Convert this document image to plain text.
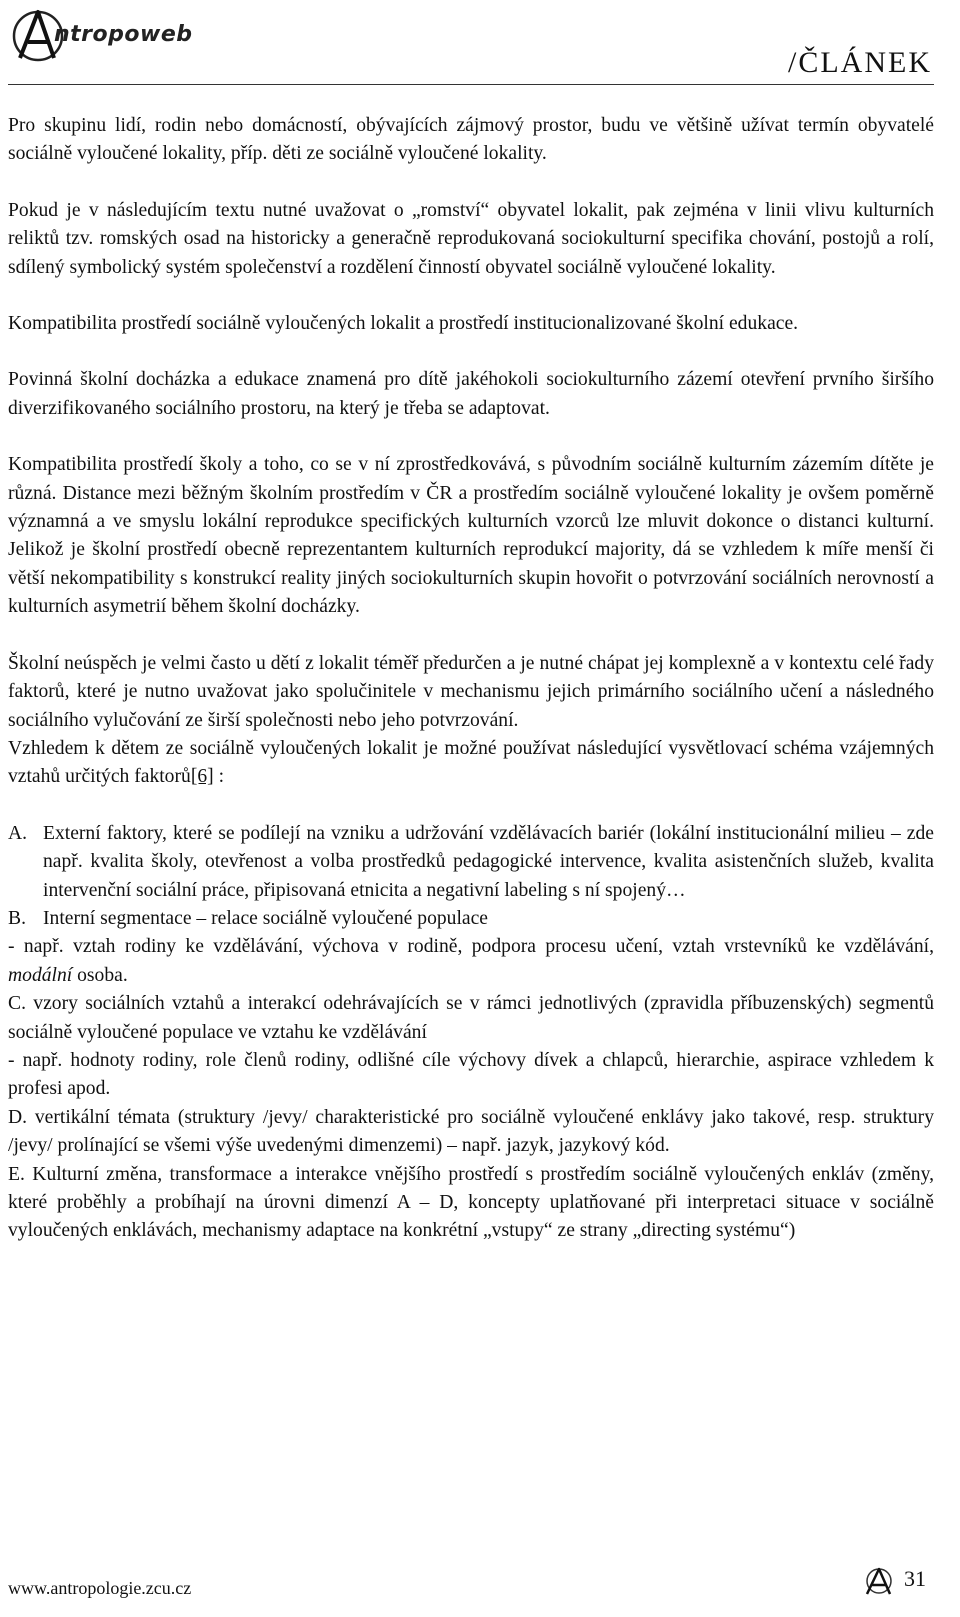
ntropoweb
/ČLÁNEK

Pro skupinu lidí, rodin nebo domácností, obývajících zájmový prostor, budu ve většině užívat termín obyvatelé sociálně vyloučené lokality, příp. děti ze sociálně vyloučené lokality.

Pokud je v následujícím textu nutné uvažovat o „romství“ obyvatel lokalit, pak zejména v linii vlivu kulturních reliktů tzv. romských osad na historicky a generačně reprodukovaná sociokulturní specifika chování, postojů a rolí, sdílený symbolický systém společenství a rozdělení činností obyvatel sociálně vyloučené lokality.

Kompatibilita prostředí sociálně vyloučených lokalit a prostředí institucionalizované školní edukace.

Povinná školní docházka a edukace znamená pro dítě jakéhokoli sociokulturního zázemí otevření prvního širšího diverzifikovaného sociálního prostoru, na který je třeba se adaptovat.

Kompatibilita prostředí školy a toho, co se v ní zprostředkovává, s původním sociálně kulturním zázemím dítěte je různá. Distance mezi běžným školním prostředím v ČR a prostředím sociálně vyloučené lokality je ovšem poměrně významná a ve smyslu lokální reprodukce specifických kulturních vzorců lze mluvit dokonce o distanci kulturní. Jelikož je školní prostředí obecně reprezentantem kulturních reprodukcí majority, dá se vzhledem k míře menší či větší nekompatibility s konstrukcí reality jiných sociokulturních skupin hovořit o potvrzování sociálních nerovností a kulturních asymetrií během školní docházky.

Školní neúspěch je velmi často u dětí z lokalit téměř předurčen a je nutné chápat jej komplexně a v kontextu celé řady faktorů, které je nutno uvažovat jako spolučinitele v mechanismu jejich primárního sociálního učení a následného sociálního vylučování ze širší společnosti nebo jeho potvrzování.

Vzhledem k dětem ze sociálně vyloučených lokalit je možné používat následující vysvětlovací schéma vzájemných vztahů určitých faktorů[6] :

A. Externí faktory, které se podílejí na vzniku a udržování vzdělávacích bariér (lokální institucionální milieu – zde např. kvalita školy, otevřenost a volba prostředků pedagogické intervence, kvalita asistenčních služeb, kvalita intervenční sociální práce, připisovaná etnicita a negativní labeling s ní spojený…

B. Interní segmentace – relace sociálně vyloučené populace

- např. vztah rodiny ke vzdělávání, výchova v rodině, podpora procesu učení, vztah vrstevníků ke vzdělávání, modální osoba.

C. vzory sociálních vztahů a interakcí odehrávajících se v rámci jednotlivých (zpravidla příbuzenských) segmentů sociálně vyloučené populace ve vztahu ke vzdělávání

- např. hodnoty rodiny, role členů rodiny, odlišné cíle výchovy dívek a chlapců, hierarchie, aspirace vzhledem k profesi apod.

D. vertikální témata (struktury /jevy/ charakteristické pro sociálně vyloučené enklávy jako takové, resp. struktury /jevy/ prolínající se všemi výše uvedenými dimenzemi) – např. jazyk, jazykový kód.

E. Kulturní změna, transformace a interakce vnějšího prostředí s prostředím sociálně vyloučených enkláv (změny, které proběhly a probíhají na úrovni dimenzí A – D, koncepty uplatňované při interpretaci situace v sociálně vyloučených enklávách, mechanismy adaptace na konkrétní „vstupy“ ze strany „directing systému“)

www.antropologie.zcu.cz	31
